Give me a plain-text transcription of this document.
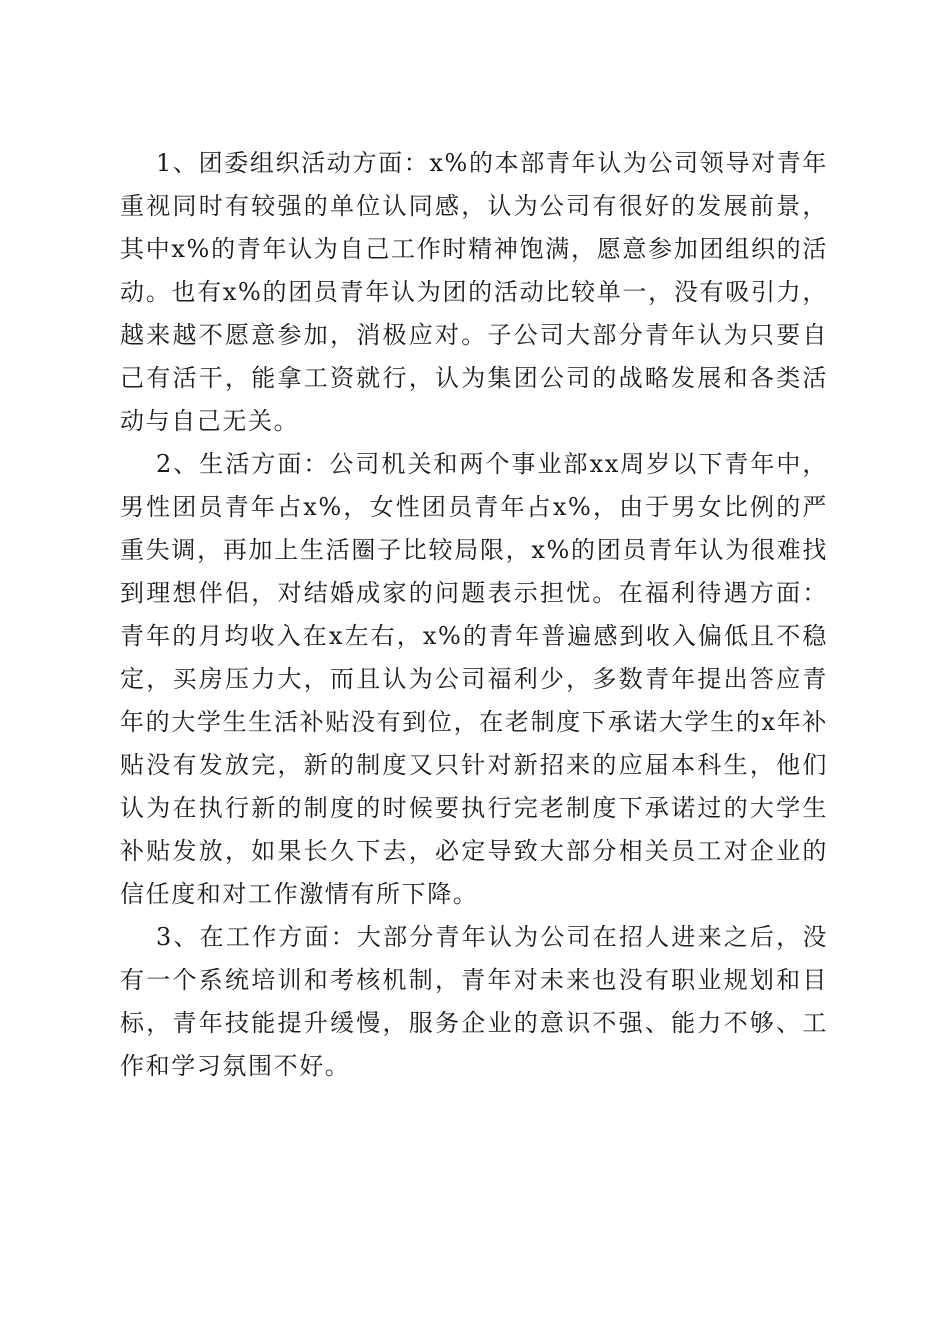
1、团委组织活动方面：x%的本部青年认为公司领导对青年重视同时有较强的单位认同感，认为公司有很好的发展前景，其中x%的青年认为自己工作时精神饱满，愿意参加团组织的活动。也有x%的团员青年认为团的活动比较单一，没有吸引力，越来越不愿意参加，消极应对。子公司大部分青年认为只要自己有活干，能拿工资就行，认为集团公司的战略发展和各类活动与自己无关。

2、生活方面：公司机关和两个事业部xx周岁以下青年中，男性团员青年占x%，女性团员青年占x%，由于男女比例的严重失调，再加上生活圈子比较局限，x%的团员青年认为很难找到理想伴侣，对结婚成家的问题表示担忧。在福利待遇方面：青年的月均收入在x左右，x%的青年普遍感到收入偏低且不稳定，买房压力大，而且认为公司福利少，多数青年提出答应青年的大学生生活补贴没有到位，在老制度下承诺大学生的x年补贴没有发放完，新的制度又只针对新招来的应届本科生，他们认为在执行新的制度的时候要执行完老制度下承诺过的大学生补贴发放，如果长久下去，必定导致大部分相关员工对企业的信任度和对工作激情有所下降。

3、在工作方面：大部分青年认为公司在招人进来之后，没有一个系统培训和考核机制，青年对未来也没有职业规划和目标，青年技能提升缓慢，服务企业的意识不强、能力不够、工作和学习氛围不好。
